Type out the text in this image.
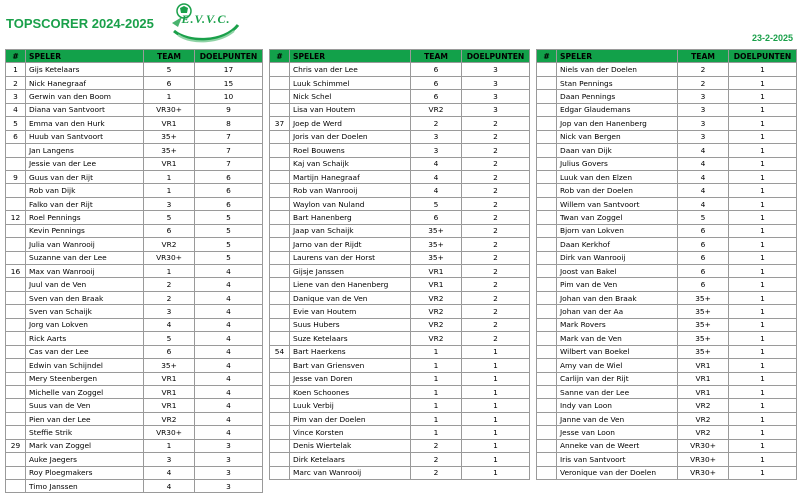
TOPSCORER 2024-2025	E.V.V.C.
23-2-2025
#	SPELER	TEAM	DOELPUNTEN
1	Gijs Ketelaars	5	17
2	Nick Hanegraaf	6	15
3	Gerwin van den Boom	1	10
4	Diana van Santvoort	VR30+	9
5	Emma van den Hurk	VR1	8
6	Huub van Santvoort	35+	7
	Jan Langens	35+	7
	Jessie van der Lee	VR1	7
9	Guus van der Rijt	1	6
	Rob van Dijk	1	6
	Falko van der Rijt	3	6
12	Roel Pennings	5	5
	Kevin Pennings	6	5
	Julia van Wanrooij	VR2	5
	Suzanne van der Lee	VR30+	5
16	Max van Wanrooij	1	4
	Juul van de Ven	2	4
	Sven van den Braak	2	4
	Sven van Schaijk	3	4
	Jorg van Lokven	4	4
	Rick Aarts	5	4
	Cas van der Lee	6	4
	Edwin van Schijndel	35+	4
	Mery Steenbergen	VR1	4
	Michelle van Zoggel	VR1	4
	Suus van de Ven	VR1	4
	Pien van der Lee	VR2	4
	Steffie Strik	VR30+	4
29	Mark van Zoggel	1	3
	Auke Jaegers	3	3
	Roy Ploegmakers	4	3
	Timo Janssen	4	3
#	SPELER	TEAM	DOELPUNTEN
	Chris van der Lee	6	3
	Luuk Schimmel	6	3
	Nick Schel	6	3
	Lisa van Houtem	VR2	3
37	Joep de Werd	2	2
	Joris van der Doelen	3	2
	Roel Bouwens	3	2
	Kaj van Schaijk	4	2
	Martijn Hanegraaf	4	2
	Rob van Wanrooij	4	2
	Waylon van Nuland	5	2
	Bart Hanenberg	6	2
	Jaap van Schaijk	35+	2
	Jarno van der Rijdt	35+	2
	Laurens van der Horst	35+	2
	Gijsje Janssen	VR1	2
	Liene van den Hanenberg	VR1	2
	Danique van de Ven	VR2	2
	Evie van Houtem	VR2	2
	Suus Hubers	VR2	2
	Suze Ketelaars	VR2	2
54	Bart Haerkens	1	1
	Bart van Griensven	1	1
	Jesse van Doren	1	1
	Koen Schoones	1	1
	Luuk Verbij	1	1
	Pim van der Doelen	1	1
	Vince Korsten	1	1
	Denis Wiertelak	2	1
	Dirk Ketelaars	2	1
	Marc van Wanrooij	2	1
#	SPELER	TEAM	DOELPUNTEN
	Niels van der Doelen	2	1
	Stan Pennings	2	1
	Daan Pennings	3	1
	Edgar Glaudemans	3	1
	Jop van den Hanenberg	3	1
	Nick van Bergen	3	1
	Daan van Dijk	4	1
	Julius Govers	4	1
	Luuk van den Elzen	4	1
	Rob van der Doelen	4	1
	Willem van Santvoort	4	1
	Twan van Zoggel	5	1
	Bjorn van Lokven	6	1
	Daan Kerkhof	6	1
	Dirk van Wanrooij	6	1
	Joost van Bakel	6	1
	Pim van de Ven	6	1
	Johan van den Braak	35+	1
	Johan van der Aa	35+	1
	Mark Rovers	35+	1
	Mark van de Ven	35+	1
	Wilbert van Boekel	35+	1
	Amy van de Wiel	VR1	1
	Carlijn van der Rijt	VR1	1
	Sanne van der Lee	VR1	1
	Indy van Loon	VR2	1
	Janne van de Ven	VR2	1
	Jesse van Loon	VR2	1
	Anneke van de Weert	VR30+	1
	Iris van Santvoort	VR30+	1
	Veronique van der Doelen	VR30+	1
